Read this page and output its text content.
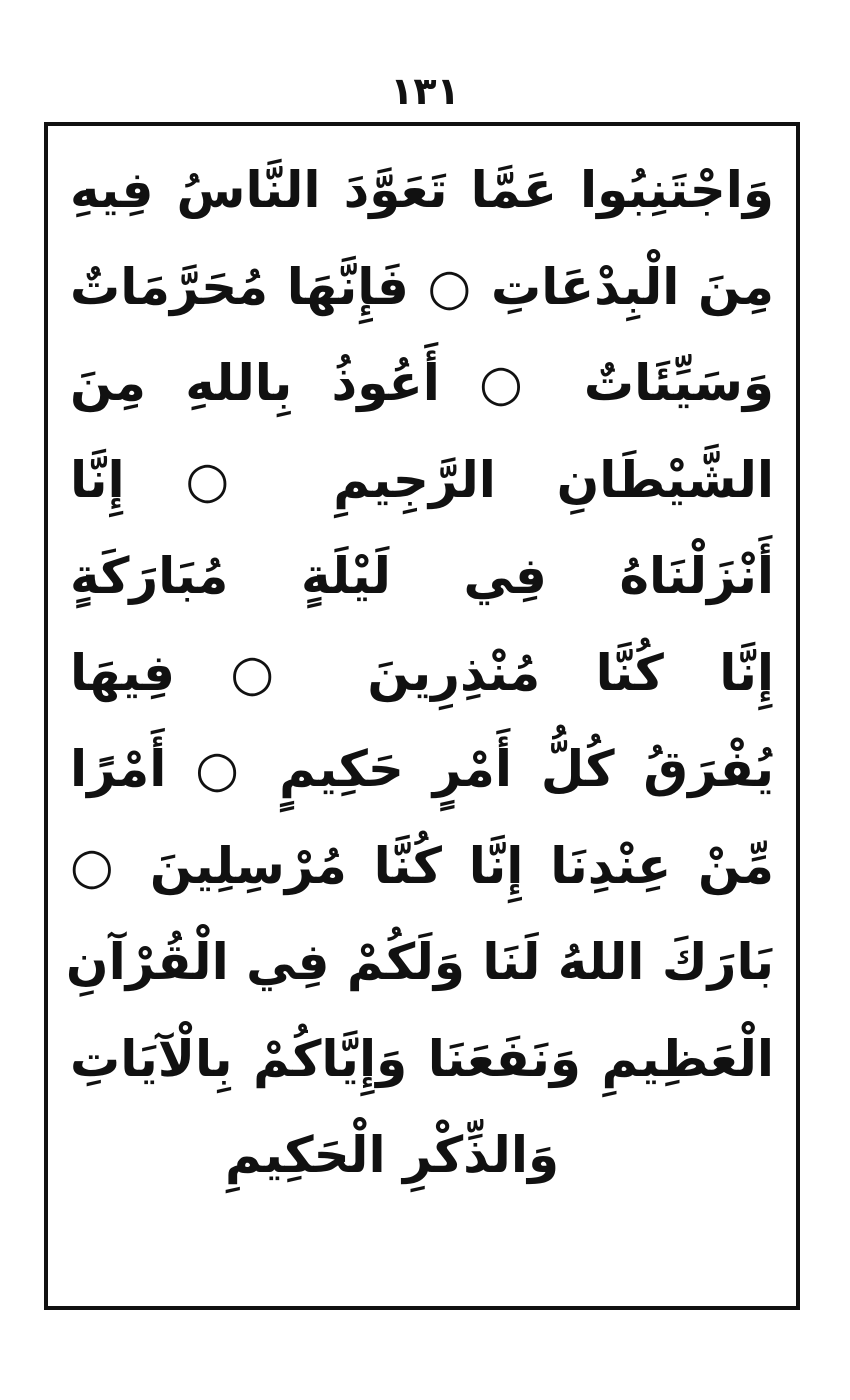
١٣١
وَاجْتَنِبُوا عَمَّا تَعَوَّدَ النَّاسُ فِيهِ
مِنَ الْبِدْعَاتِ ○ فَإِنَّهَا مُحَرَّمَاتٌ
وَسَيِّئَاتٌ ○ أَعُوذُ بِاللهِ مِنَ
الشَّيْطَانِ الرَّجِيمِ ○ إِنَّا
أَنْزَلْنَاهُ فِي لَيْلَةٍ مُبَارَكَةٍ
إِنَّا كُنَّا مُنْذِرِينَ ○ فِيهَا
يُفْرَقُ كُلُّ أَمْرٍ حَكِيمٍ ○ أَمْرًا
مِّنْ عِنْدِنَا إِنَّا كُنَّا مُرْسِلِينَ ○
بَارَكَ اللهُ لَنَا وَلَكُمْ فِي الْقُرْآنِ
الْعَظِيمِ وَنَفَعَنَا وَإِيَّاكُمْ بِالْآيَاتِ
وَالذِّكْرِ الْحَكِيمِ
